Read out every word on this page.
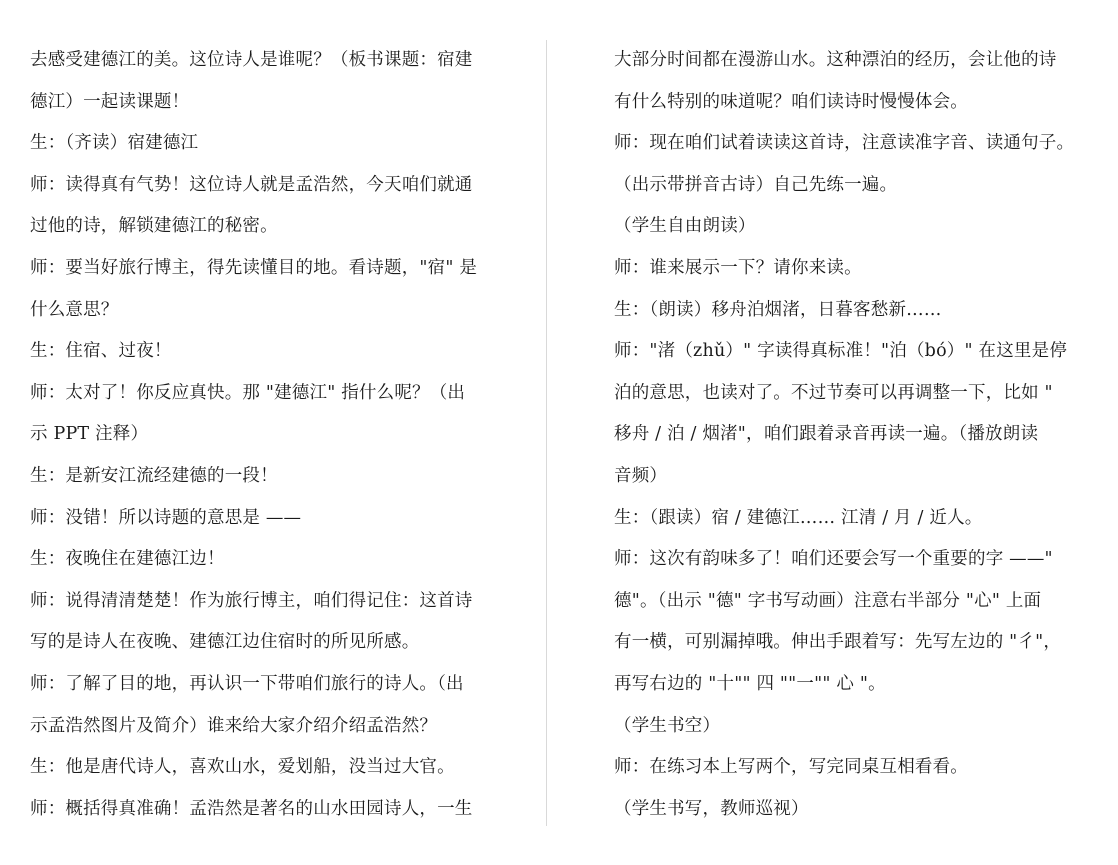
去感受建德江的美。这位诗人是谁呢？（板书课题：宿建
德江）一起读课题！
生：（齐读）宿建德江
师：读得真有气势！这位诗人就是孟浩然，今天咱们就通
过他的诗，解锁建德江的秘密。
师：要当好旅行博主，得先读懂目的地。看诗题，"宿" 是
什么意思？
生：住宿、过夜！
师：太对了！你反应真快。那 "建德江" 指什么呢？（出
示 PPT 注释）
生：是新安江流经建德的一段！
师：没错！所以诗题的意思是 ——
生：夜晚住在建德江边！
师：说得清清楚楚！作为旅行博主，咱们得记住：这首诗
写的是诗人在夜晚、建德江边住宿时的所见所感。
师：了解了目的地，再认识一下带咱们旅行的诗人。（出
示孟浩然图片及简介）谁来给大家介绍介绍孟浩然？
生：他是唐代诗人，喜欢山水，爱划船，没当过大官。
师：概括得真准确！孟浩然是著名的山水田园诗人，一生
大部分时间都在漫游山水。这种漂泊的经历，会让他的诗
有什么特别的味道呢？咱们读诗时慢慢体会。
师：现在咱们试着读读这首诗，注意读准字音、读通句子。
（出示带拼音古诗）自己先练一遍。
（学生自由朗读）
师：谁来展示一下？请你来读。
生：（朗读）移舟泊烟渚，日暮客愁新……
师："渚（zhǔ）" 字读得真标准！"泊（bó）" 在这里是停
泊的意思，也读对了。不过节奏可以再调整一下，比如 "
移舟 / 泊 / 烟渚"，咱们跟着录音再读一遍。（播放朗读
音频）
生：（跟读）宿 / 建德江…… 江清 / 月 / 近人。
师：这次有韵味多了！咱们还要会写一个重要的字 ——"
德"。（出示 "德" 字书写动画）注意右半部分 "心" 上面
有一横，可别漏掉哦。伸出手跟着写：先写左边的 "彳"，
再写右边的 "十"" 四 ""一"" 心 "。
（学生书空）
师：在练习本上写两个，写完同桌互相看看。
（学生书写，教师巡视）
